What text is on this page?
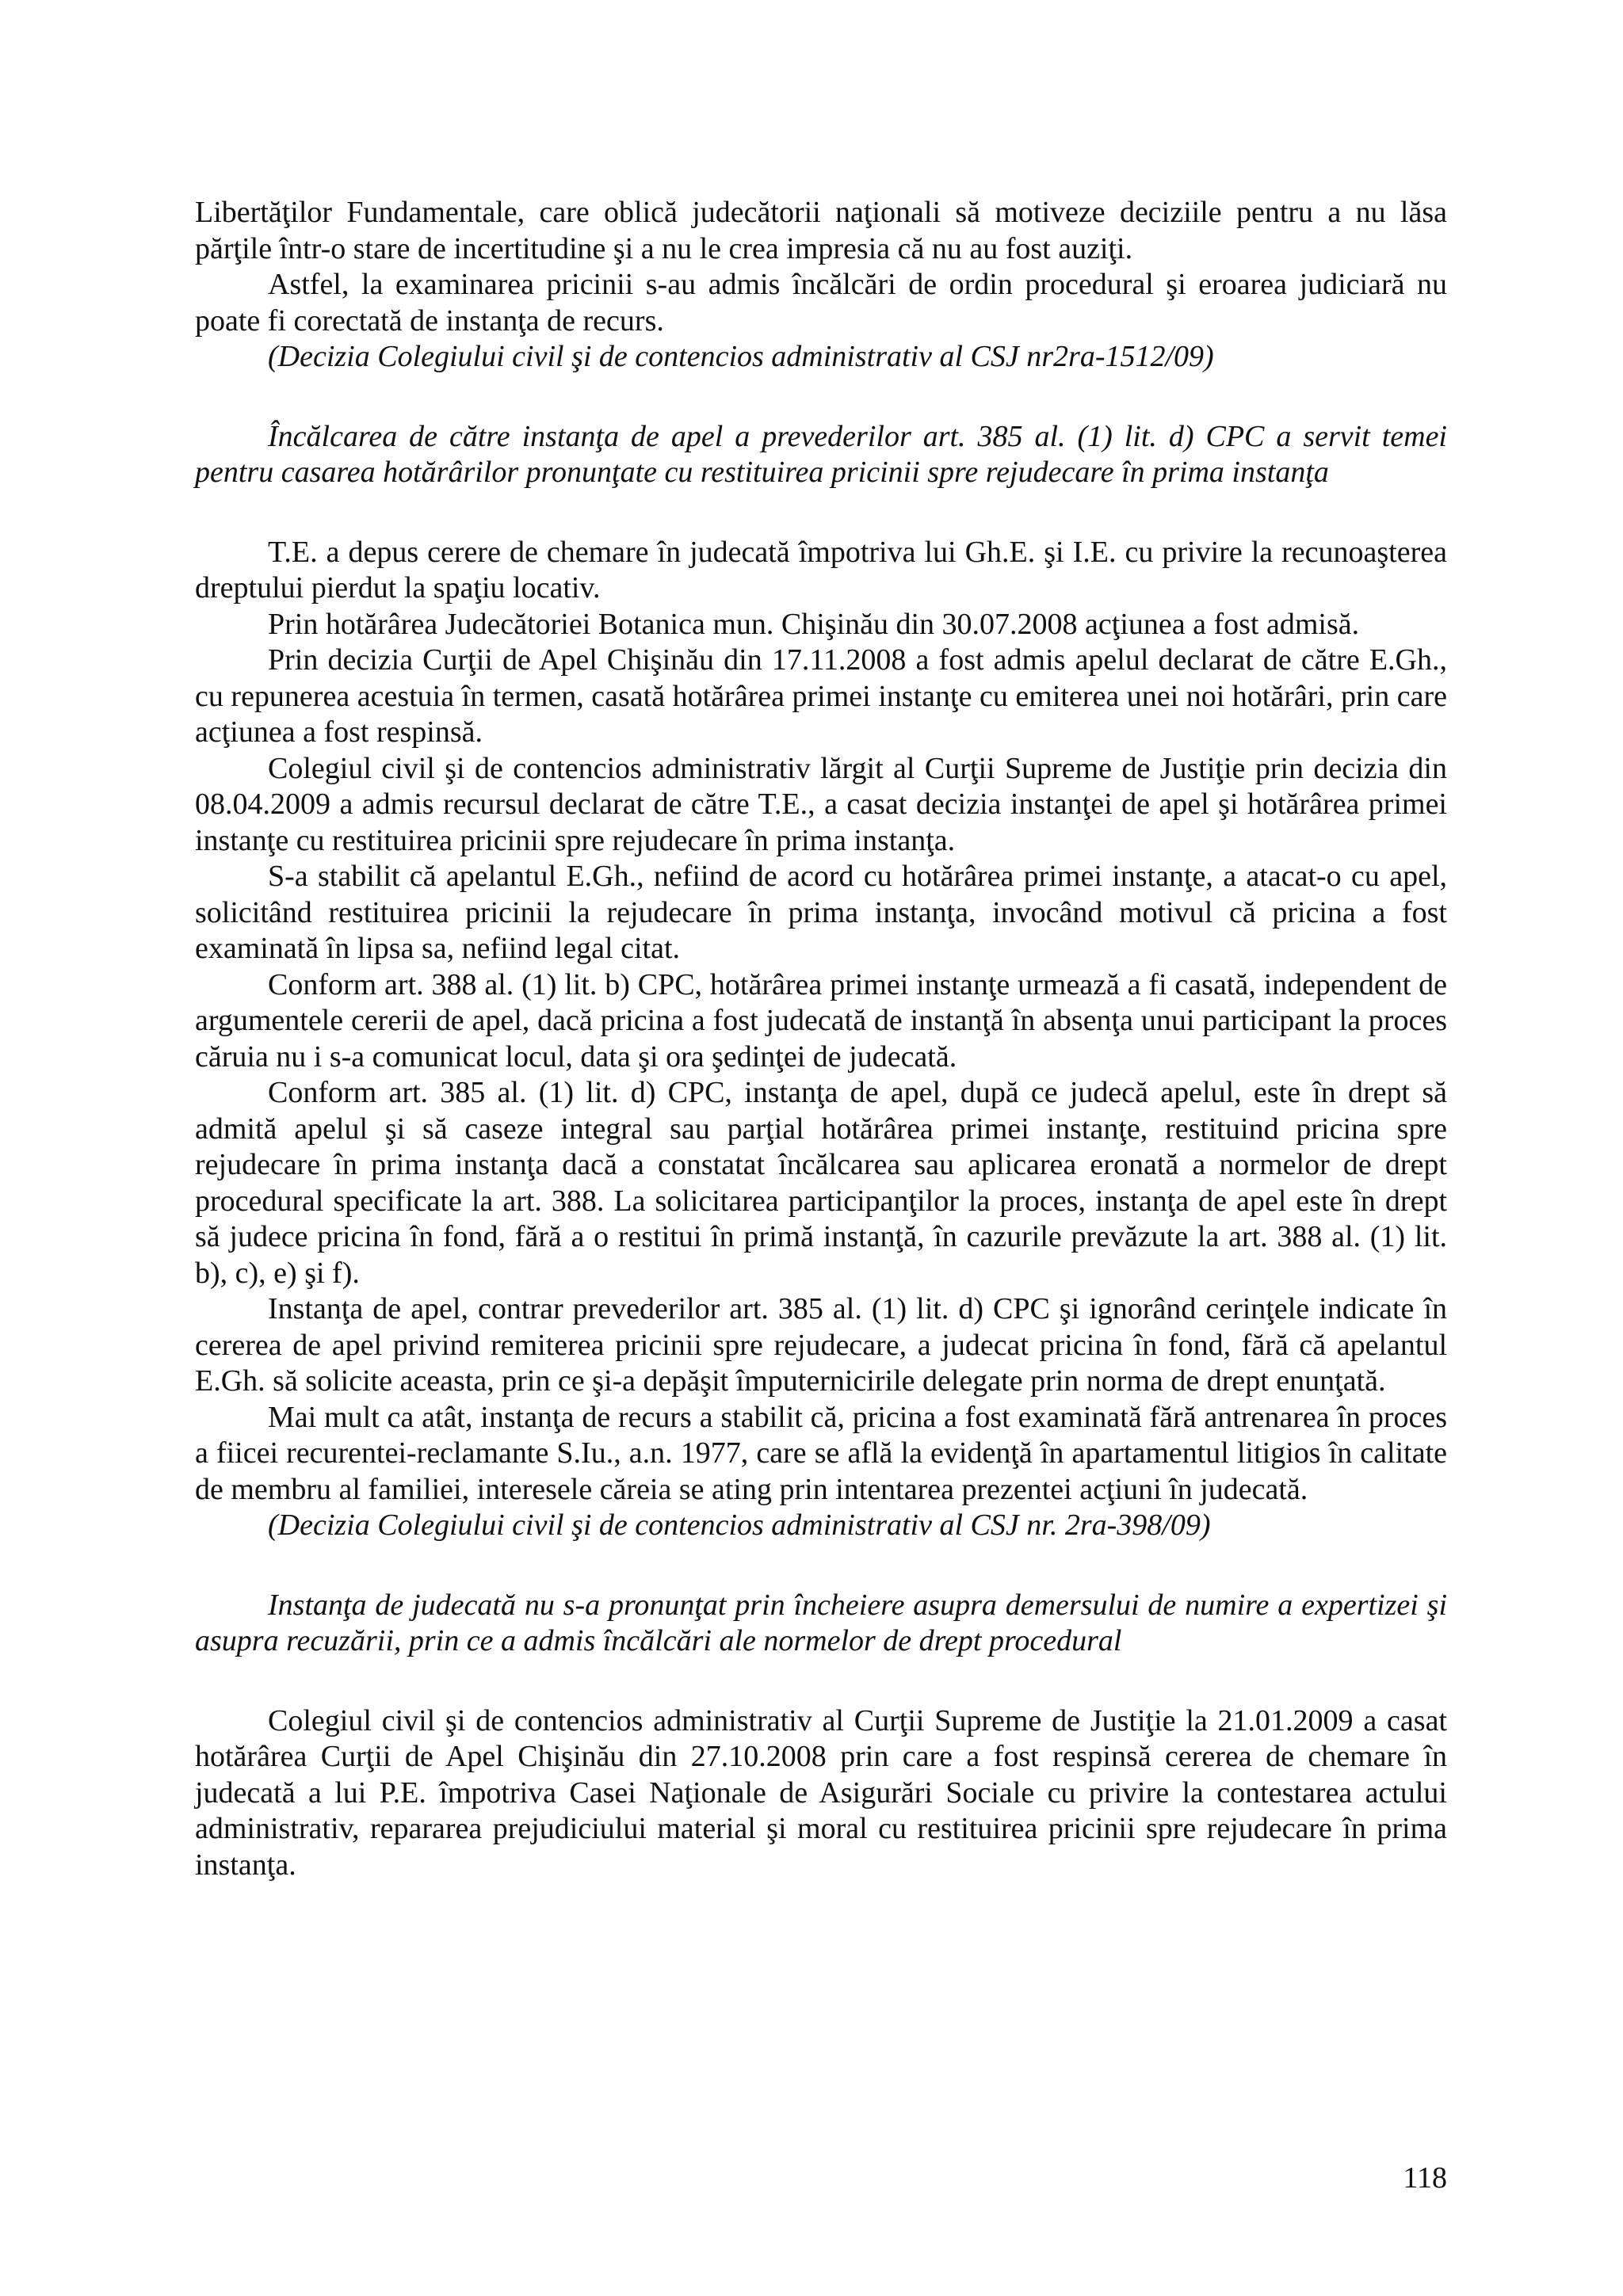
Libertăţilor Fundamentale, care oblică judecătorii naţionali să motiveze deciziile pentru a nu lăsa părţile într-o stare de incertitudine şi a nu le crea impresia că nu au fost auziţi.

Astfel, la examinarea pricinii s-au admis încălcări de ordin procedural şi eroarea judiciară nu poate fi corectată de instanţa de recurs.

(Decizia Colegiului civil şi de contencios administrativ al CSJ nr2ra-1512/09)

Încălcarea de către instanţa de apel a prevederilor art. 385 al. (1) lit. d) CPC a servit temei pentru casarea hotărârilor pronunţate cu restituirea pricinii spre rejudecare în prima instanţa

T.E. a depus cerere de chemare în judecată împotriva lui Gh.E. şi I.E. cu privire la recunoaşterea dreptului pierdut la spaţiu locativ.

Prin hotărârea Judecătoriei Botanica mun. Chişinău din 30.07.2008 acţiunea a fost admisă.

Prin decizia Curţii de Apel Chişinău din 17.11.2008 a fost admis apelul declarat de către E.Gh., cu repunerea acestuia în termen, casată hotărârea primei instanţe cu emiterea unei noi hotărâri, prin care acţiunea a fost respinsă.

Colegiul civil şi de contencios administrativ lărgit al Curţii Supreme de Justiţie prin decizia din 08.04.2009 a admis recursul declarat de către T.E., a casat decizia instanţei de apel şi hotărârea primei instanţe cu restituirea pricinii spre rejudecare în prima instanţa.

S-a stabilit că apelantul E.Gh., nefiind de acord cu hotărârea primei instanţe, a atacat-o cu apel, solicitând restituirea pricinii la rejudecare în prima instanţa, invocând motivul că pricina a fost examinată în lipsa sa, nefiind legal citat.

Conform art. 388 al. (1) lit. b) CPC, hotărârea primei instanţe urmează a fi casată, independent de argumentele cererii de apel, dacă pricina a fost judecată de instanţă în absenţa unui participant la proces căruia nu i s-a comunicat locul, data şi ora şedinţei de judecată.

Conform art. 385 al. (1) lit. d) CPC, instanţa de apel, după ce judecă apelul, este în drept să admită apelul şi să caseze integral sau parţial hotărârea primei instanţe, restituind pricina spre rejudecare în prima instanţa dacă a constatat încălcarea sau aplicarea eronată a normelor de drept procedural specificate la art. 388. La solicitarea participanţilor la proces, instanţa de apel este în drept să judece pricina în fond, fără a o restitui în primă instanţă, în cazurile prevăzute la art. 388 al. (1) lit. b), c), e) şi f).

Instanţa de apel, contrar prevederilor art. 385 al. (1) lit. d) CPC şi ignorând cerinţele indicate în cererea de apel privind remiterea pricinii spre rejudecare, a judecat pricina în fond, fără că apelantul E.Gh. să solicite aceasta, prin ce şi-a depăşit împuternicirile delegate prin norma de drept enunţată.

Mai mult ca atât, instanţa de recurs a stabilit că, pricina a fost examinată fără antrenarea în proces a fiicei recurentei-reclamante S.Iu., a.n. 1977, care se află la evidenţă în apartamentul litigios în calitate de membru al familiei, interesele căreia se ating prin intentarea prezentei acţiuni în judecată.

(Decizia Colegiului civil şi de contencios administrativ al CSJ nr. 2ra-398/09)

Instanţa de judecată nu s-a pronunţat prin încheiere asupra demersului de numire a expertizei şi asupra recuzării, prin ce a admis încălcări ale normelor de drept procedural

Colegiul civil şi de contencios administrativ al Curţii Supreme de Justiţie la 21.01.2009 a casat hotărârea Curţii de Apel Chişinău din 27.10.2008 prin care a fost respinsă cererea de chemare în judecată a lui P.E. împotriva Casei Naţionale de Asigurări Sociale cu privire la contestarea actului administrativ, repararea prejudiciului material şi moral cu restituirea pricinii spre rejudecare în prima instanţa.

118
